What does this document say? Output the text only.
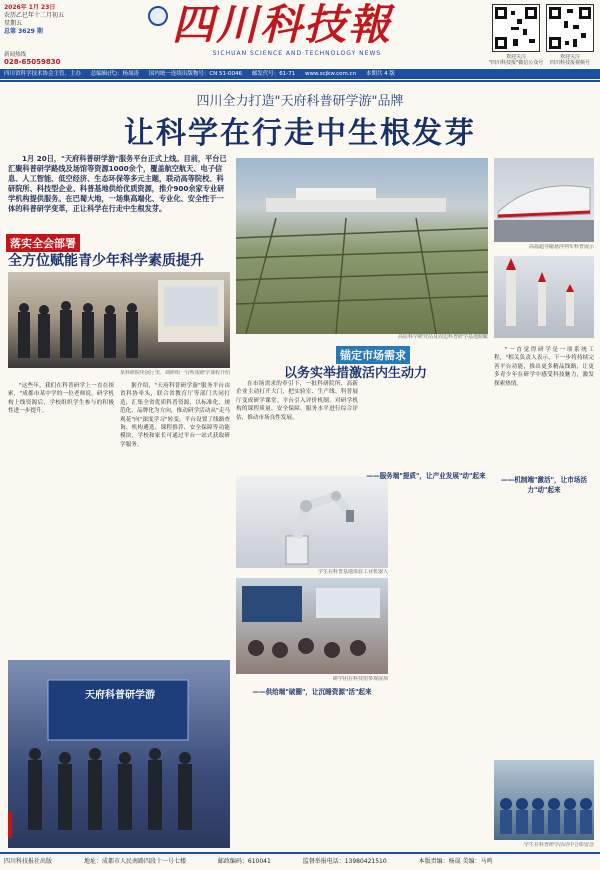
2026年 1月 23日
农历乙巳年十二月初五
星期五
总第 3629 期
新闻热线
028-65059830
四川科技報
SICHUAN SCIENCE AND TECHNOLOGY NEWS	欢迎关注
"四川科技报"微信公众号
欢迎关注
四川科技报视频号
四川省科学技术协会主管、主办 总编辑(代)：杨晟涛 国内统一连续出版物号：CN 51-0046 邮发代号：61-71 www.scjkw.com.cn 本期共 4 版
四川全力打造"天府科普研学游"品牌
让科学在行走中生根发芽
1月 20日，"天府科普研学游"服务平台正式上线。目前，平台已汇聚科普研学路线及场馆等资源1000余个，覆盖航空航天、电子信息、人工智能、低空经济、生态环保等多元主题，联动高等院校、科研院所、科技型企业、科普基地供给优质资源，推介900余家专业研学机构提供服务。在巴蜀大地，一场集高端化、专业化、安全性于一体的科普研学变革，正让科学在行走中生根发芽。
落实全会部署
全方位赋能青少年科学素质提升
某科研院所展厅里，调研组一行听取研学课程介绍
"这些年，我们在科普研学上一直在探索，"成都市某中学的一位老师说。研学机构上线资源后，学校组织学生参与的积极性进一步提升。
据介绍，"天府科普研学游"服务平台由省科协牵头，联合省教育厅等部门共同打造，汇集全省优质科普资源，以标准化、规范化、品牌化为方向，推动研学活动从"走马观花"向"深度学习"转变。平台设置了线路查询、机构遴选、课程推荐、安全保障等功能模块，学校和家长可通过平台一站式获取研学服务。
高原科学研究站及周边科普研学基地俯瞰
锚定市场需求
以务实举措激活内生动力
在市场需求的牵引下，一批科研院所、高新企业主动打开大门，把实验室、生产线、科普展厅变成研学课堂。平台引入评价机制，对研学机构的课程质量、安全保障、服务水平进行综合评估，推动市场良性发展。
学生在科普基地体验工业机器人
——服务端"提质"，让产业发展"动"起来
研学团在科技馆参观展项
——供给端"破圈"，让沉睡资源"活"起来
高温超导磁悬浮列车科普展示
"一直觉得研学是一项系统工程，"相关负责人表示，下一步将持续完善平台功能，推出更多精品线路，让更多青少年在研学中感受科技魅力，激发探索热情。
——机制端"激活"，让市场活力"动"起来
学生在科普研学活动中合影留念
天府科普研学游
四川科技报社出版	地址：成都市人民南路四段十一号七楼	邮政编码：610041	监督举报电话：13980421510	本版责编：杨晟 美编：马鸣
